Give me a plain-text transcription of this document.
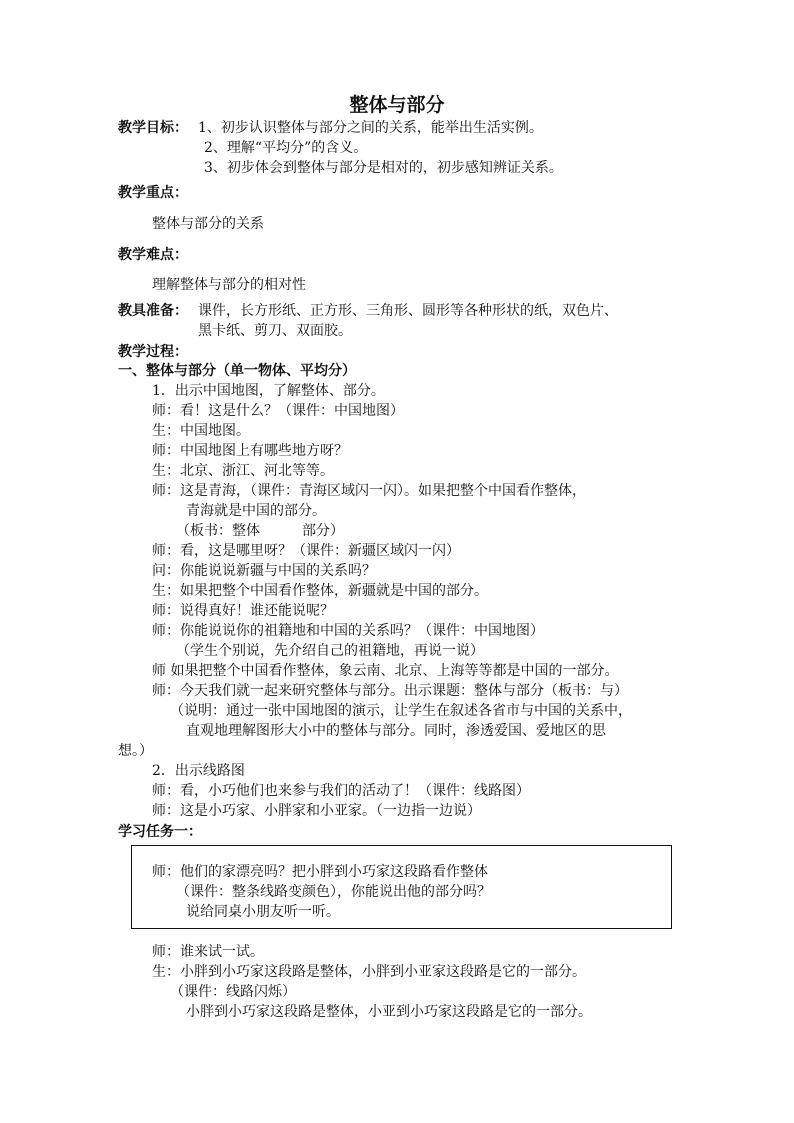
整体与部分
教学目标： 1、初步认识整体与部分之间的关系，能举出生活实例。
2、理解“平均分”的含义。
3、初步体会到整体与部分是相对的，初步感知辨证关系。
教学重点：
整体与部分的关系
教学难点：
理解整体与部分的相对性
教具准备： 课件，长方形纸、正方形、三角形、圆形等各种形状的纸，双色片、
黑卡纸、剪刀、双面胶。
教学过程：
一、整体与部分（单一物体、平均分）
1．出示中国地图，了解整体、部分。
师：看！这是什么？（课件：中国地图）
生：中国地图。
师：中国地图上有哪些地方呀？
生：北京、浙江、河北等等。
师：这是青海，（课件：青海区域闪一闪）。如果把整个中国看作整体，
青海就是中国的部分。
（板书：整体　　　部分）
师：看，这是哪里呀？（课件：新疆区域闪一闪）
问：你能说说新疆与中国的关系吗？
生：如果把整个中国看作整体，新疆就是中国的部分。
师：说得真好！谁还能说呢？
师：你能说说你的祖籍地和中国的关系吗？（课件：中国地图）
（学生个别说，先介绍自己的祖籍地，再说一说）
师 如果把整个中国看作整体，象云南、北京、上海等等都是中国的一部分。
师：今天我们就一起来研究整体与部分。出示课题：整体与部分（板书：与）
（说明：通过一张中国地图的演示，让学生在叙述各省市与中国的关系中，
直观地理解图形大小中的整体与部分。同时，渗透爱国、爱地区的思
想。）
2．出示线路图
师：看，小巧他们也来参与我们的活动了！（课件：线路图）
师：这是小巧家、小胖家和小亚家。（一边指一边说）
学习任务一：
师：他们的家漂亮吗？把小胖到小巧家这段路看作整体
（课件：整条线路变颜色），你能说出他的部分吗？
说给同桌小朋友听一听。
师：谁来试一试。
生：小胖到小巧家这段路是整体，小胖到小亚家这段路是它的一部分。
（课件：线路闪烁）
小胖到小巧家这段路是整体，小亚到小巧家这段路是它的一部分。
